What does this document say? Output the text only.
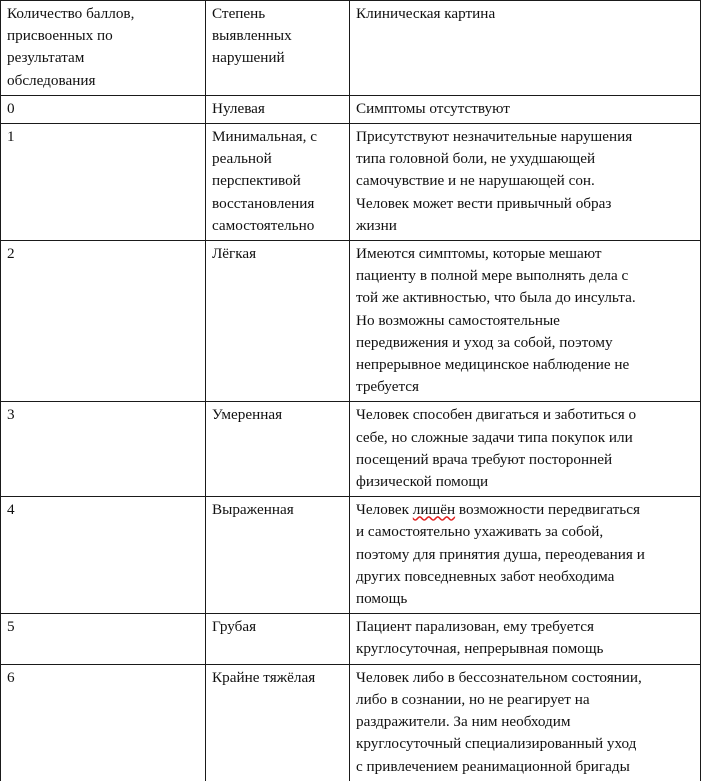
Количество баллов,
присвоенных по
результатам
обследования	Степень
выявленных
нарушений	Клиническая картина

0	Нулевая	Симптомы отсутствуют

1	Минимальная, с
реальной
перспективой
восстановления
самостоятельно	Присутствуют незначительные нарушения
типа головной боли, не ухудшающей
самочувствие и не нарушающей сон.
Человек может вести привычный образ
жизни

2	Лёгкая	Имеются симптомы, которые мешают
пациенту в полной мере выполнять дела с
той же активностью, что была до инсульта.
Но возможны самостоятельные
передвижения и уход за собой, поэтому
непрерывное медицинское наблюдение не
требуется

3	Умеренная	Человек способен двигаться и заботиться о
себе, но сложные задачи типа покупок или
посещений врача требуют посторонней
физической помощи

4	Выраженная	Человек лишён возможности передвигаться
и самостоятельно ухаживать за собой,
поэтому для принятия душа, переодевания и
других повседневных забот необходима
помощь

5	Грубая	Пациент парализован, ему требуется
круглосуточная, непрерывная помощь

6	Крайне тяжёлая	Человек либо в бессознательном состоянии,
либо в сознании, но не реагирует на
раздражители. За ним необходим
круглосуточный специализированный уход
с привлечением реанимационной бригады
